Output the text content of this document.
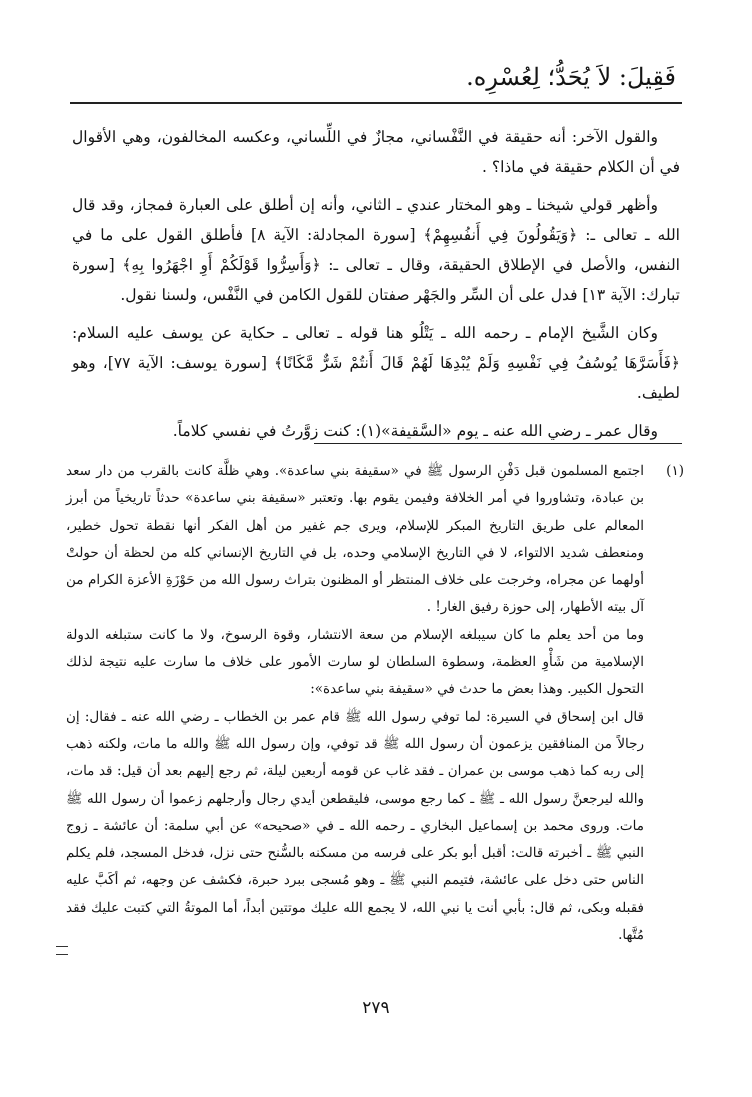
فَقِيلَ: لاَ يُحَدُّ؛ لِعُسْرِه.

والقول الآخر: أنه حقيقة في النَّفْساني، مجازٌ في اللِّساني، وعكسه المخالفون، وهي الأقوال في أن الكلام حقيقة في ماذا؟ .

وأظهر قولي شيخنا ـ وهو المختار عندي ـ الثاني، وأنه إن أطلق على العبارة فمجاز، وقد قال الله ـ تعالى ـ: ﴿وَيَقُولُونَ فِي أَنفُسِهِمْ﴾ [سورة المجادلة: الآية ٨] فأطلق القول على ما في النفس، والأصل في الإطلاق الحقيقة، وقال ـ تعالى ـ: ﴿وَأَسِرُّوا قَوْلَكُمْ أَوِ اجْهَرُوا بِهِ﴾ [سورة تبارك: الآية ١٣] فدل على أن السِّر والجَهْر صفتان للقول الكامن في النَّفْس، ولسنا نقول.

وكان الشَّيخ الإمام ـ رحمه الله ـ يَتْلُو هنا قوله ـ تعالى ـ حكاية عن يوسف عليه السلام: ﴿فَأَسَرَّهَا يُوسُفُ فِي نَفْسِهِ وَلَمْ يُبْدِهَا لَهُمْ قَالَ أَنتُمْ شَرٌّ مَّكَانًا﴾ [سورة يوسف: الآية ٧٧]، وهو لطيف.

وقال عمر ـ رضي الله عنه ـ يوم «السَّقيفة»(١): كنت زوَّرتُ في نفسي كلاماً.

(١)

اجتمع المسلمون قبل دَفْنِ الرسول ﷺ في «سقيفة بني ساعدة». وهي ظلَّة كانت بالقرب من دار سعد بن عبادة، وتشاوروا في أمر الخلافة وفيمن يقوم بها. وتعتبر «سقيفة بني ساعدة» حدثاً تاريخياً من أبرز المعالم على طريق التاريخ المبكر للإسلام، ويرى جم غفير من أهل الفكر أنها نقطة تحول خطير، ومنعطف شديد الالتواء، لا في التاريخ الإسلامي وحده، بل في التاريخ الإنساني كله من لحظة أن حولتْ أولهما عن مجراه، وخرجت على خلاف المنتظر أو المظنون بتراث رسول الله من حَوْزَةِ الأعزة الكرام من آل بيته الأطهار، إلى حوزة رفيق الغار! .

وما من أحد يعلم ما كان سيبلغه الإسلام من سعة الانتشار، وقوة الرسوخ، ولا ما كانت ستبلغه الدولة الإسلامية من شَأْوِ العظمة، وسطوة السلطان لو سارت الأمور على خلاف ما سارت عليه نتيجة لذلك التحول الكبير. وهذا بعض ما حدث في «سقيفة بني ساعدة»:

قال ابن إسحاق في السيرة: لما توفي رسول الله ﷺ قام عمر بن الخطاب ـ رضي الله عنه ـ فقال: إن رجالاً من المنافقين يزعمون أن رسول الله ﷺ قد توفي، وإن رسول الله ﷺ والله ما مات، ولكنه ذهب إلى ربه كما ذهب موسى بن عمران ـ فقد غاب عن قومه أربعين ليلة، ثم رجع إليهم بعد أن قيل: قد مات، والله ليرجعنَّ رسول الله ـ ﷺ ـ كما رجع موسى، فليقطعن أيدي رجال وأرجلهم زعموا أن رسول الله ﷺ مات. وروى محمد بن إسماعيل البخاري ـ رحمه الله ـ في «صحيحه» عن أبي سلمة: أن عائشة ـ زوج النبي ﷺ ـ أخبرته قالت: أقبل أبو بكر على فرسه من مسكنه بالسُّنح حتى نزل، فدخل المسجد، فلم يكلم الناس حتى دخل على عائشة، فتيمم النبي ﷺ ـ وهو مُسجى ببرد حبرة، فكشف عن وجهه، ثم أكَبَّ عليه فقبله وبكى، ثم قال: بأبي أنت يا نبي الله، لا يجمع الله عليك موتتين أبداً، أما الموتةُ التي كتبت عليك فقد مُتَّها.

٢٧٩
